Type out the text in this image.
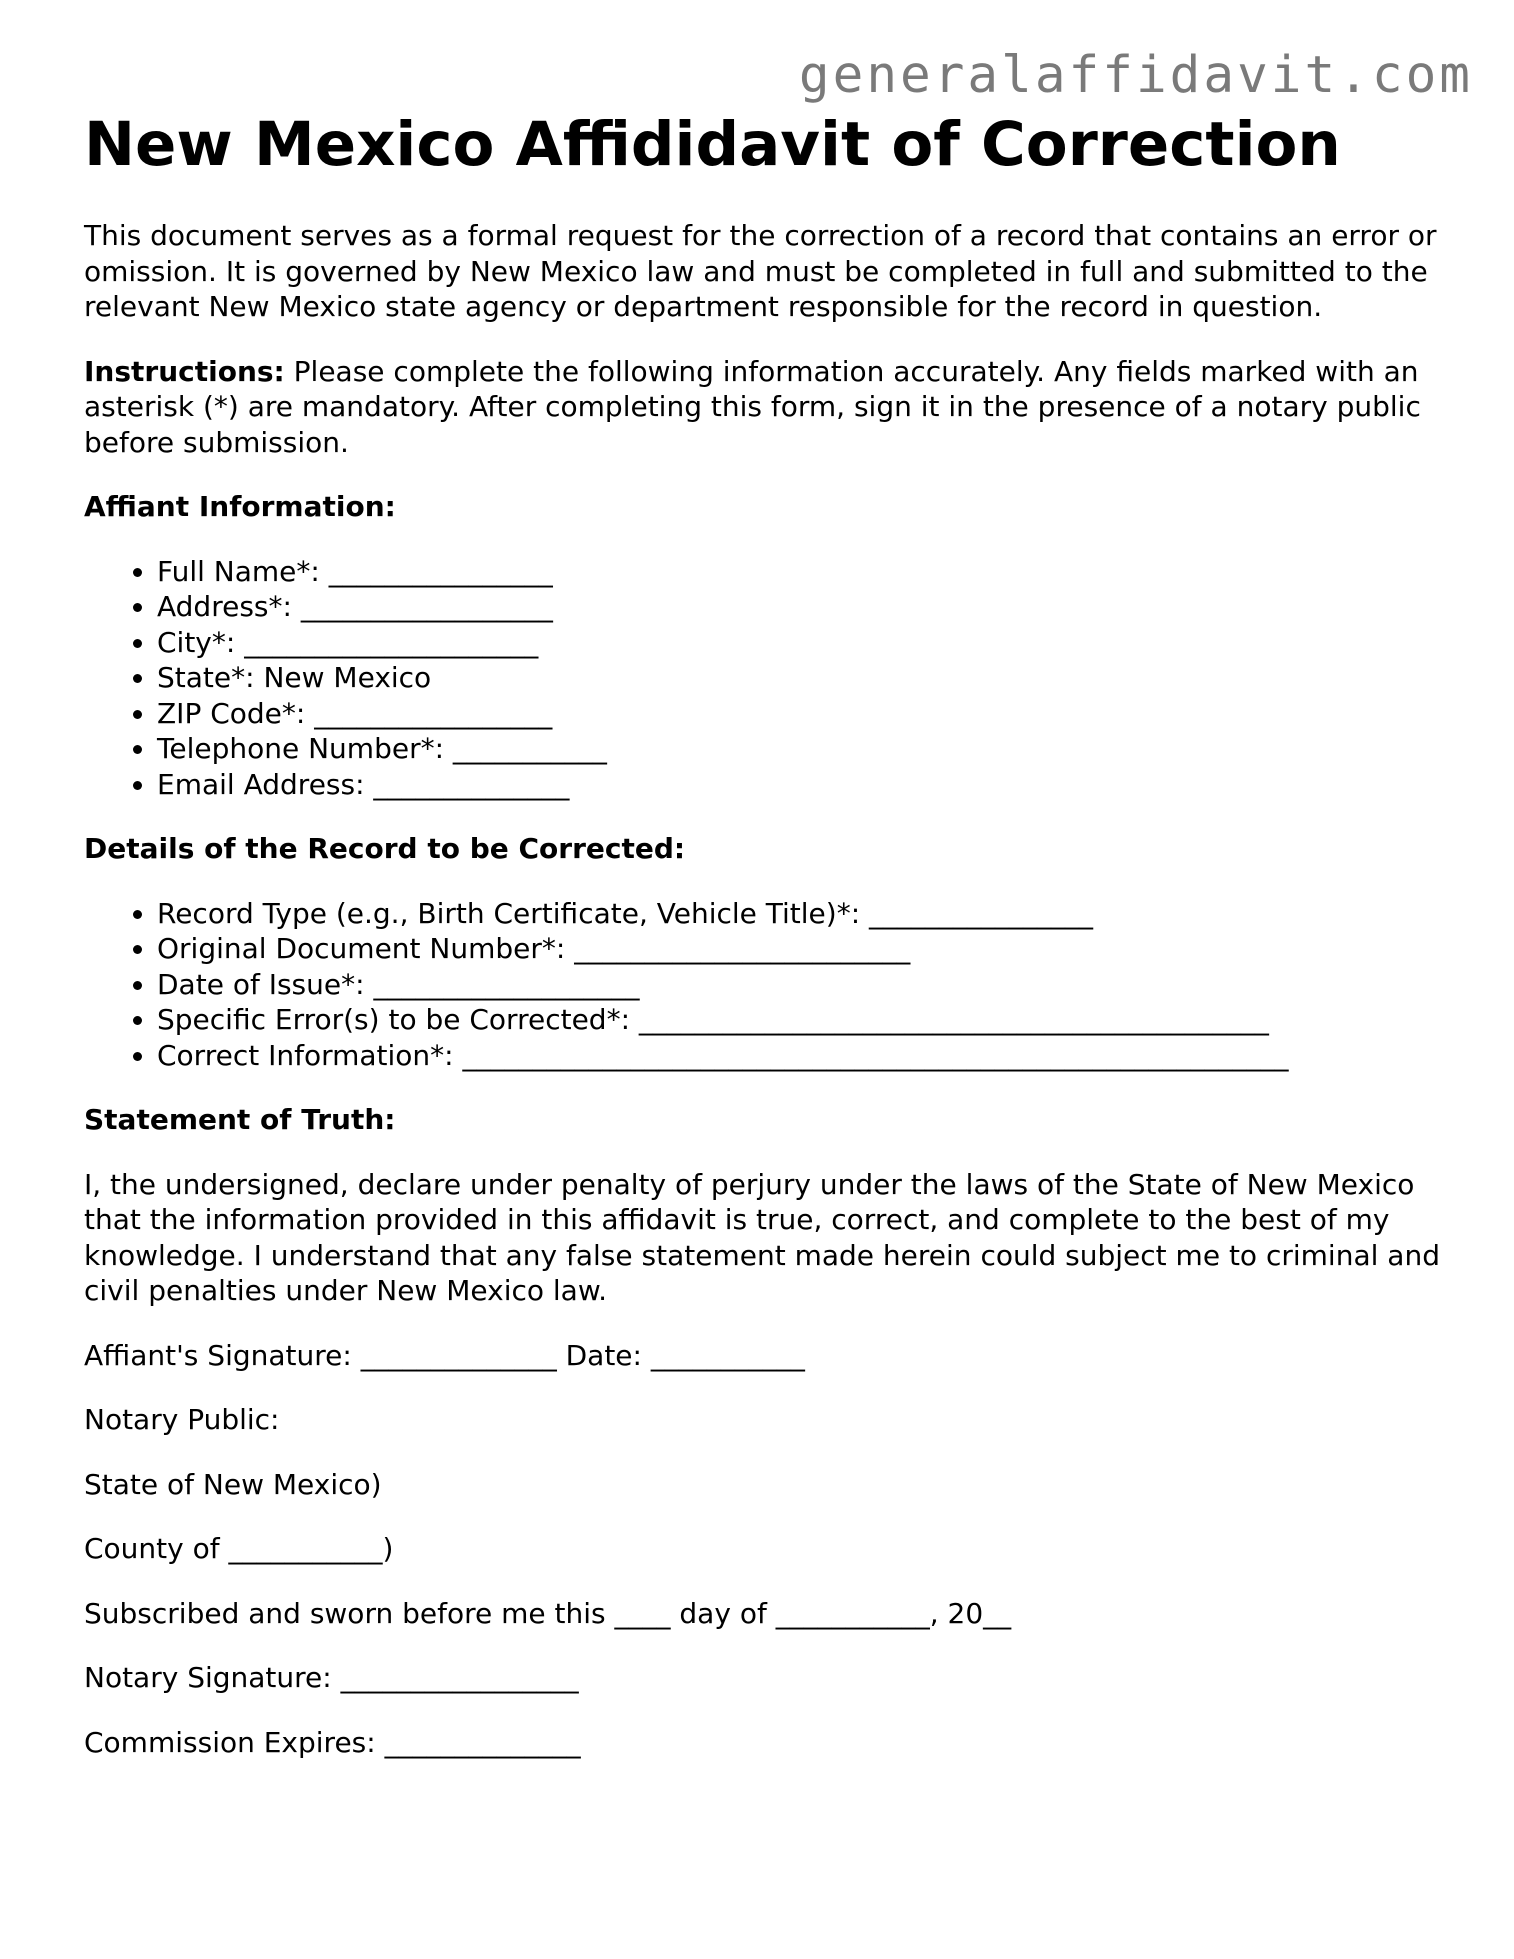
generalaffidavit.com
New Mexico Affididavit of Correction

This document serves as a formal request for the correction of a record that contains an error or omission. It is governed by New Mexico law and must be completed in full and submitted to the relevant New Mexico state agency or department responsible for the record in question.

Instructions: Please complete the following information accurately. Any fields marked with an asterisk (*) are mandatory. After completing this form, sign it in the presence of a notary public before submission.

Affiant Information:

• Full Name*: ________________
• Address*: __________________
• City*: _____________________
• State*: New Mexico
• ZIP Code*: _________________
• Telephone Number*: ___________
• Email Address: ______________

Details of the Record to be Corrected:

• Record Type (e.g., Birth Certificate, Vehicle Title)*: ________________
• Original Document Number*: ________________________
• Date of Issue*: ___________________
• Specific Error(s) to be Corrected*: _____________________________________________
• Correct Information*: ___________________________________________________________

Statement of Truth:

I, the undersigned, declare under penalty of perjury under the laws of the State of New Mexico that the information provided in this affidavit is true, correct, and complete to the best of my knowledge. I understand that any false statement made herein could subject me to criminal and civil penalties under New Mexico law.

Affiant's Signature: ______________ Date: ___________

Notary Public:

State of New Mexico)

County of ___________)

Subscribed and sworn before me this ____ day of ___________, 20__

Notary Signature: _________________

Commission Expires: ______________
